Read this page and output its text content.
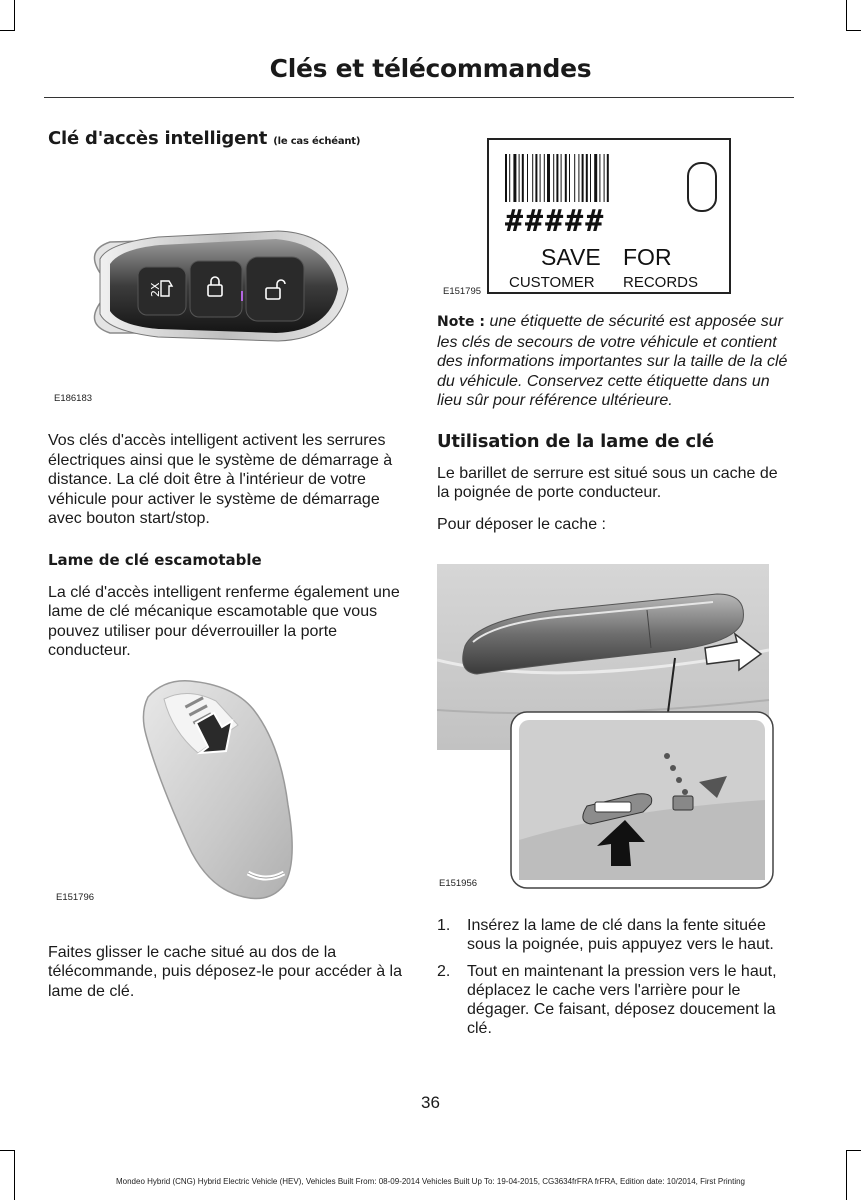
Clés et télécommandes
Clé d'accès intelligent (le cas échéant)
2X
E186183

Vos clés d'accès intelligent activent les serrures électriques ainsi que le système de démarrage à distance. La clé doit être à l'intérieur de votre véhicule pour activer le système de démarrage avec bouton start/stop.

Lame de clé escamotable

La clé d'accès intelligent renferme également une lame de clé mécanique escamotable que vous pouvez utiliser pour déverrouiller la porte conducteur.

E151796

Faites glisser le cache situé au dos de la télécommande, puis déposez-le pour accéder à la lame de clé.

#####
SAVE FOR
CUSTOMER RECORDS
E151795

Note : une étiquette de sécurité est apposée sur les clés de secours de votre véhicule et contient des informations importantes sur la taille de la clé du véhicule. Conservez cette étiquette dans un lieu sûr pour référence ultérieure.

Utilisation de la lame de clé

Le barillet de serrure est situé sous un cache de la poignée de porte conducteur.

Pour déposer le cache :

E151956
1. Insérez la lame de clé dans la fente située sous la poignée, puis appuyez vers le haut.
2. Tout en maintenant la pression vers le haut, déplacez le cache vers l'arrière pour le dégager. Ce faisant, déposez doucement la clé.
36
Mondeo Hybrid (CNG) Hybrid Electric Vehicle (HEV), Vehicles Built From: 08-09-2014 Vehicles Built Up To: 19-04-2015, CG3634frFRA frFRA, Edition date: 10/2014, First Printing
